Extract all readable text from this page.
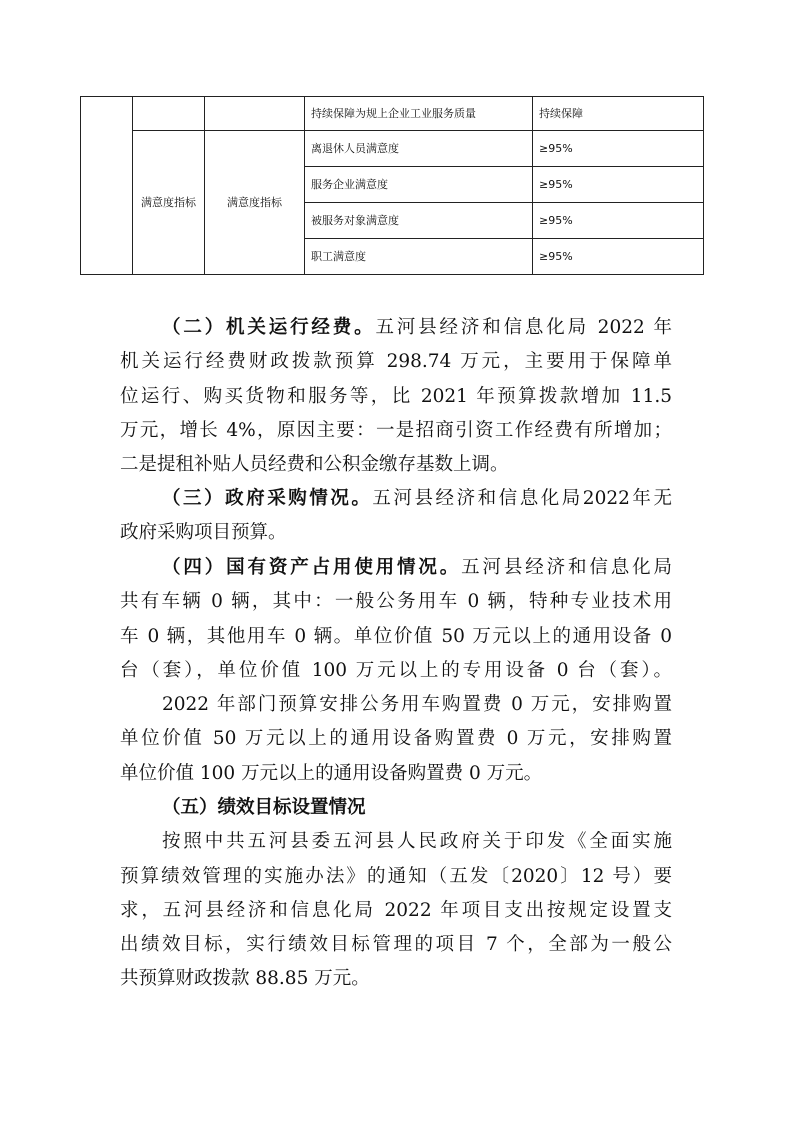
			持续保障为规上企业工业服务质量	持续保障
	满意度指标	满意度指标	离退休人员满意度	≥95%
			服务企业满意度	≥95%
			被服务对象满意度	≥95%
			职工满意度	≥95%
（二）机关运行经费。五河县经济和信息化局 2022 年
机关运行经费财政拨款预算 298.74 万元，主要用于保障单
位运行、购买货物和服务等，比 2021 年预算拨款增加 11.5
万元，增长 4%，原因主要：一是招商引资工作经费有所增加；
二是提租补贴人员经费和公积金缴存基数上调。
（三）政府采购情况。五河县经济和信息化局2022年无
政府采购项目预算。
（四）国有资产占用使用情况。五河县经济和信息化局
共有车辆 0 辆，其中：一般公务用车 0 辆，特种专业技术用
车 0 辆，其他用车 0 辆。单位价值 50 万元以上的通用设备 0
台（套），单位价值 100 万元以上的专用设备 0 台（套）。
2022 年部门预算安排公务用车购置费 0 万元，安排购置
单位价值 50 万元以上的通用设备购置费 0 万元，安排购置
单位价值 100 万元以上的通用设备购置费 0 万元。
（五）绩效目标设置情况
按照中共五河县委五河县人民政府关于印发《全面实施
预算绩效管理的实施办法》的通知（五发〔2020〕12 号）要
求，五河县经济和信息化局 2022 年项目支出按规定设置支
出绩效目标，实行绩效目标管理的项目 7 个，全部为一般公
共预算财政拨款 88.85 万元。
